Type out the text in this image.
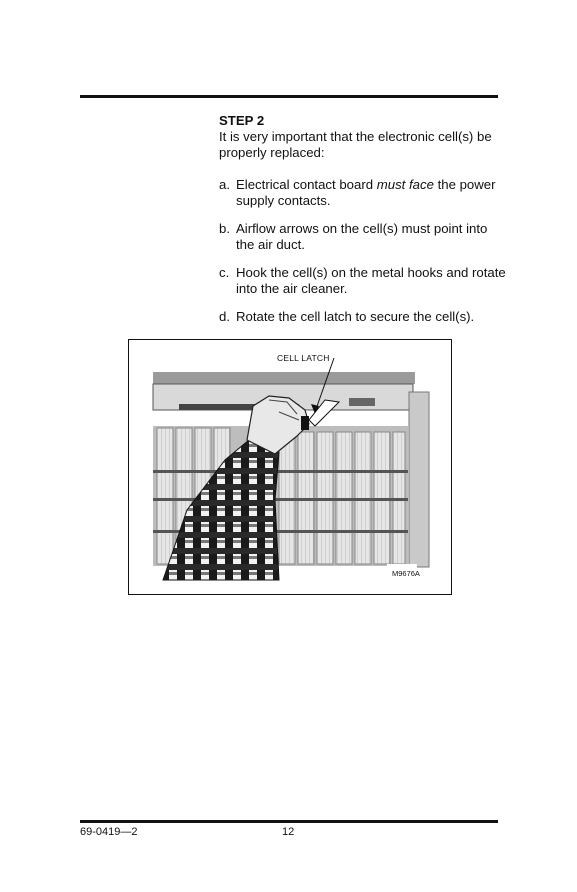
STEP 2

It is very important that the electronic cell(s) be properly replaced:

a. Electrical contact board must face the power supply contacts.
b. Airflow arrows on the cell(s) must point into the air duct.
c. Hook the cell(s) on the metal hooks and rotate into the air cleaner.
d. Rotate the cell latch to secure the cell(s).
CELL LATCH
M9676A
69-0419—2	12
